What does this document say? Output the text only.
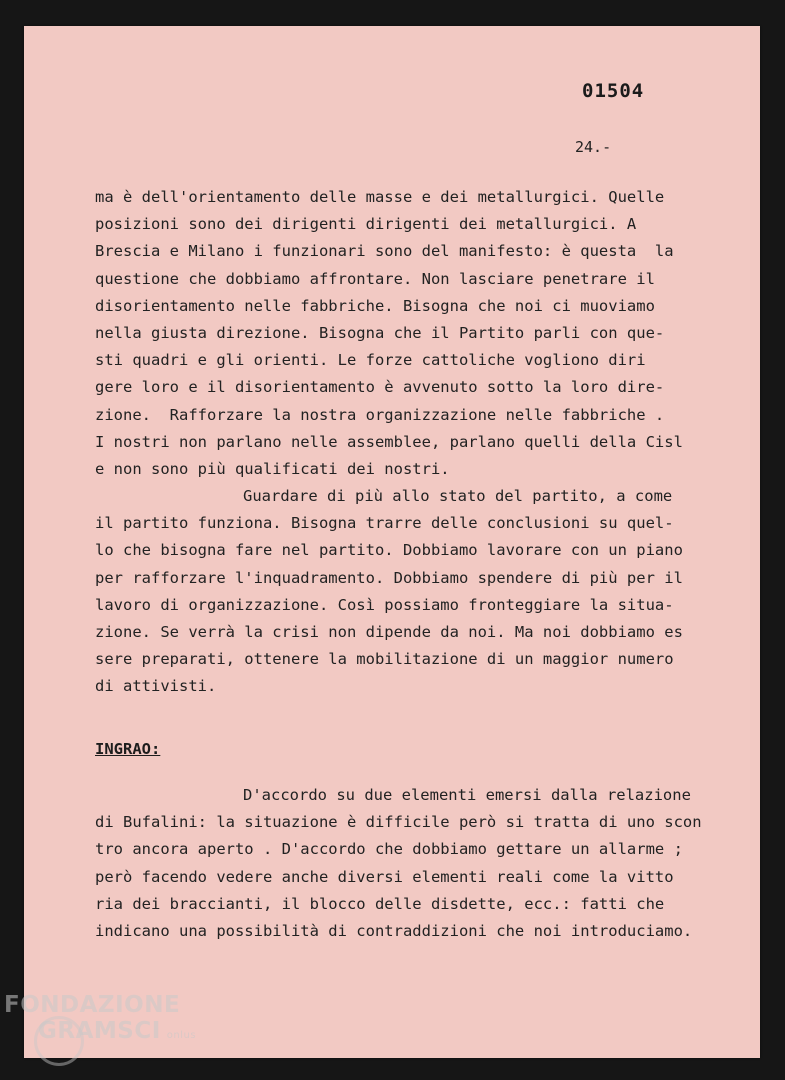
01504
24.-
ma è dell'orientamento delle masse e dei metallurgici. Quelle
posizioni sono dei dirigenti dirigenti dei metallurgici. A
Brescia e Milano i funzionari sono del manifesto: è questa  la
questione che dobbiamo affrontare. Non lasciare penetrare il
disorientamento nelle fabbriche. Bisogna che noi ci muoviamo
nella giusta direzione. Bisogna che il Partito parli con que-
sti quadri e gli orienti. Le forze cattoliche vogliono diri
gere loro e il disorientamento è avvenuto sotto la loro dire-
zione.  Rafforzare la nostra organizzazione nelle fabbriche .
I nostri non parlano nelle assemblee, parlano quelli della Cisl
e non sono più qualificati dei nostri.
Guardare di più allo stato del partito, a come
il partito funziona. Bisogna trarre delle conclusioni su quel-
lo che bisogna fare nel partito. Dobbiamo lavorare con un piano
per rafforzare l'inquadramento. Dobbiamo spendere di più per il
lavoro di organizzazione. Così possiamo fronteggiare la situa-
zione. Se verrà la crisi non dipende da noi. Ma noi dobbiamo es
sere preparati, ottenere la mobilitazione di un maggior numero
di attivisti.
INGRAO:
D'accordo su due elementi emersi dalla relazione
di Bufalini: la situazione è difficile però si tratta di uno scon
tro ancora aperto . D'accordo che dobbiamo gettare un allarme ;
però facendo vedere anche diversi elementi reali come la vitto
ria dei braccianti, il blocco delle disdette, ecc.: fatti che
indicano una possibilità di contraddizioni che noi introduciamo.
FONDAZIONE
GRAMSCI onlus
